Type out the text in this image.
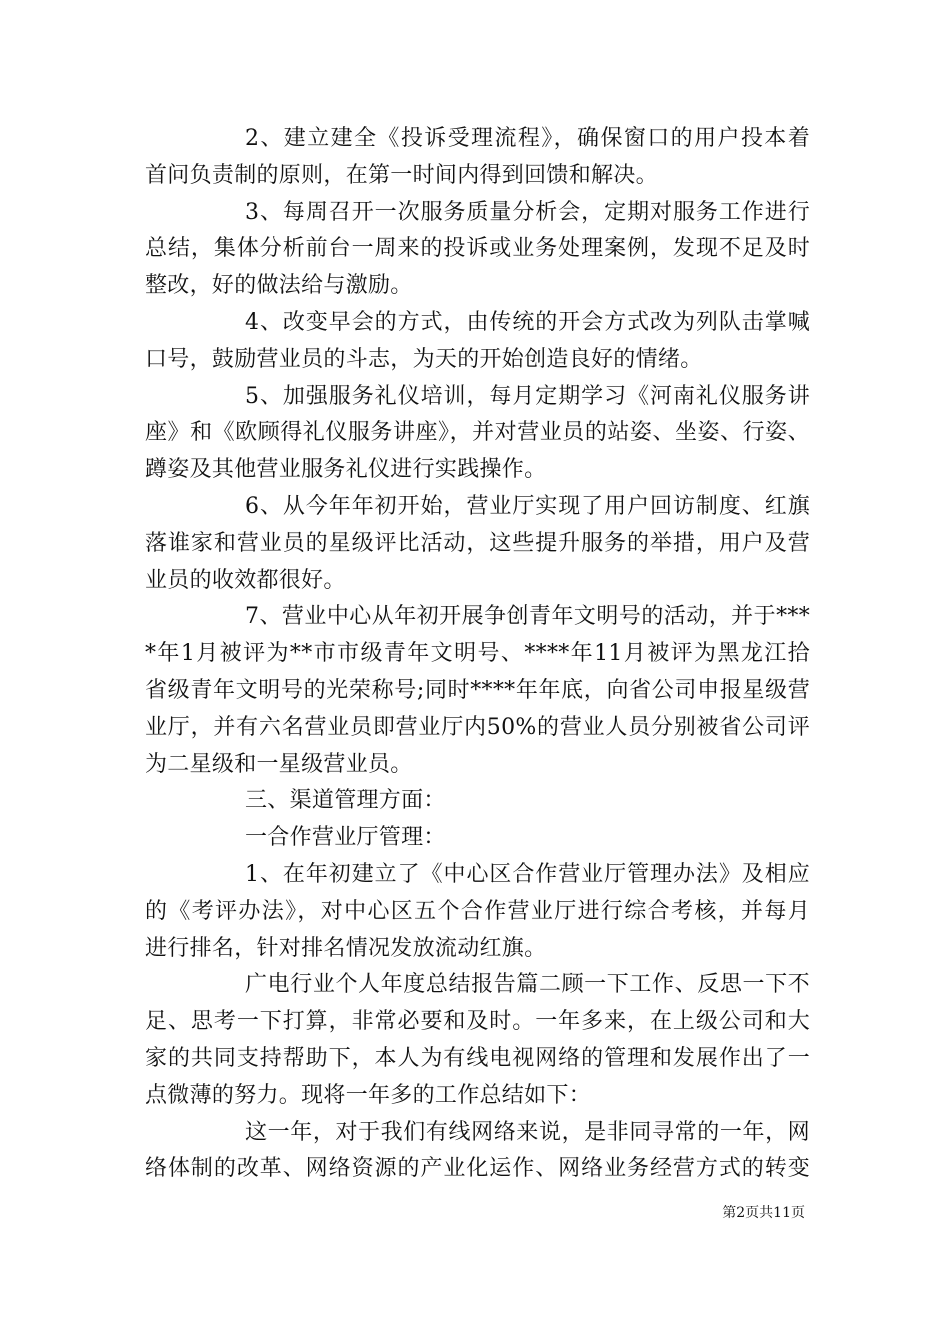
2、建立建全《投诉受理流程》，确保窗口的用户投本着
首问负责制的原则，在第一时间内得到回馈和解决。
3、每周召开一次服务质量分析会，定期对服务工作进行
总结，集体分析前台一周来的投诉或业务处理案例，发现不足及时
整改，好的做法给与激励。
4、改变早会的方式，由传统的开会方式改为列队击掌喊
口号，鼓励营业员的斗志，为天的开始创造良好的情绪。
5、加强服务礼仪培训，每月定期学习《河南礼仪服务讲
座》和《欧顾得礼仪服务讲座》，并对营业员的站姿、坐姿、行姿、
蹲姿及其他营业服务礼仪进行实践操作。
6、从今年年初开始，营业厅实现了用户回访制度、红旗
落谁家和营业员的星级评比活动，这些提升服务的举措，用户及营
业员的收效都很好。
7、营业中心从年初开展争创青年文明号的活动，并于***
*年1月被评为**市市级青年文明号、****年11月被评为黑龙江拾
省级青年文明号的光荣称号;同时****年年底，向省公司申报星级营
业厅，并有六名营业员即营业厅内50%的营业人员分别被省公司评
为二星级和一星级营业员。
三、渠道管理方面：
一合作营业厅管理：
1、在年初建立了《中心区合作营业厅管理办法》及相应
的《考评办法》，对中心区五个合作营业厅进行综合考核，并每月
进行排名，针对排名情况发放流动红旗。
广电行业个人年度总结报告篇二顾一下工作、反思一下不
足、思考一下打算，非常必要和及时。一年多来，在上级公司和大
家的共同支持帮助下，本人为有线电视网络的管理和发展作出了一
点微薄的努力。现将一年多的工作总结如下：
这一年，对于我们有线网络来说，是非同寻常的一年，网
络体制的改革、网络资源的产业化运作、网络业务经营方式的转变
第2页共11页
